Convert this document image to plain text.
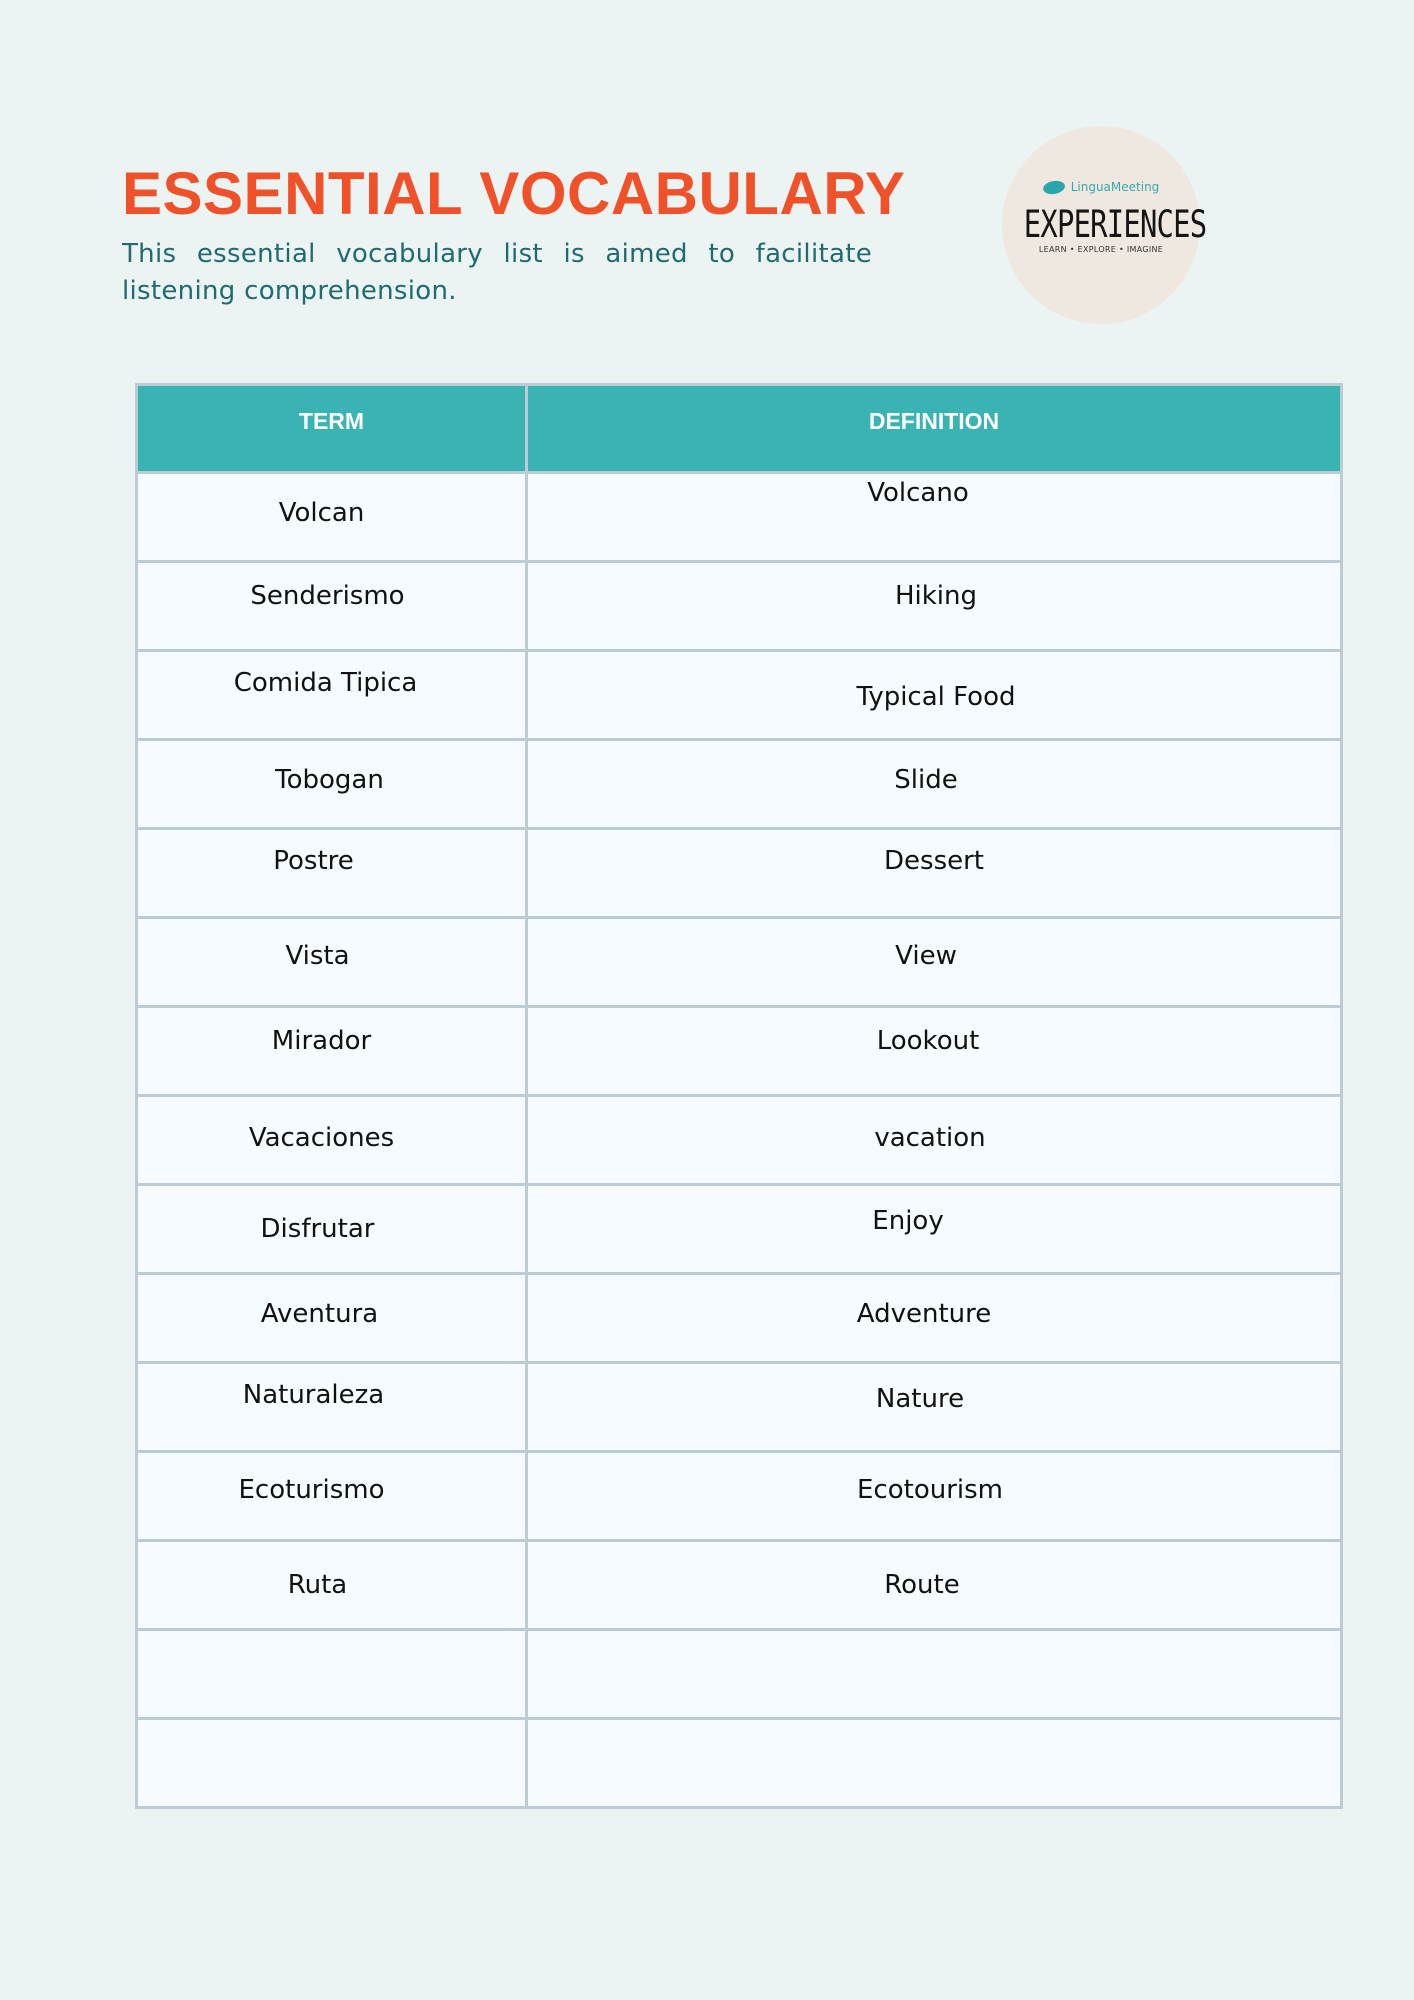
ESSENTIAL VOCABULARY

This essential vocabulary list is aimed to facilitate listening comprehension.

LinguaMeeting
EXPERIENCES
LEARN • EXPLORE • IMAGINE
TERM	DEFINITION
Volcan	Volcano
Senderismo	Hiking
Comida Tipica	Typical Food
Tobogan	Slide
Postre	Dessert
Vista	View
Mirador	Lookout
Vacaciones	vacation
Disfrutar	Enjoy
Aventura	Adventure
Naturaleza	Nature
Ecoturismo	Ecotourism
Ruta	Route
